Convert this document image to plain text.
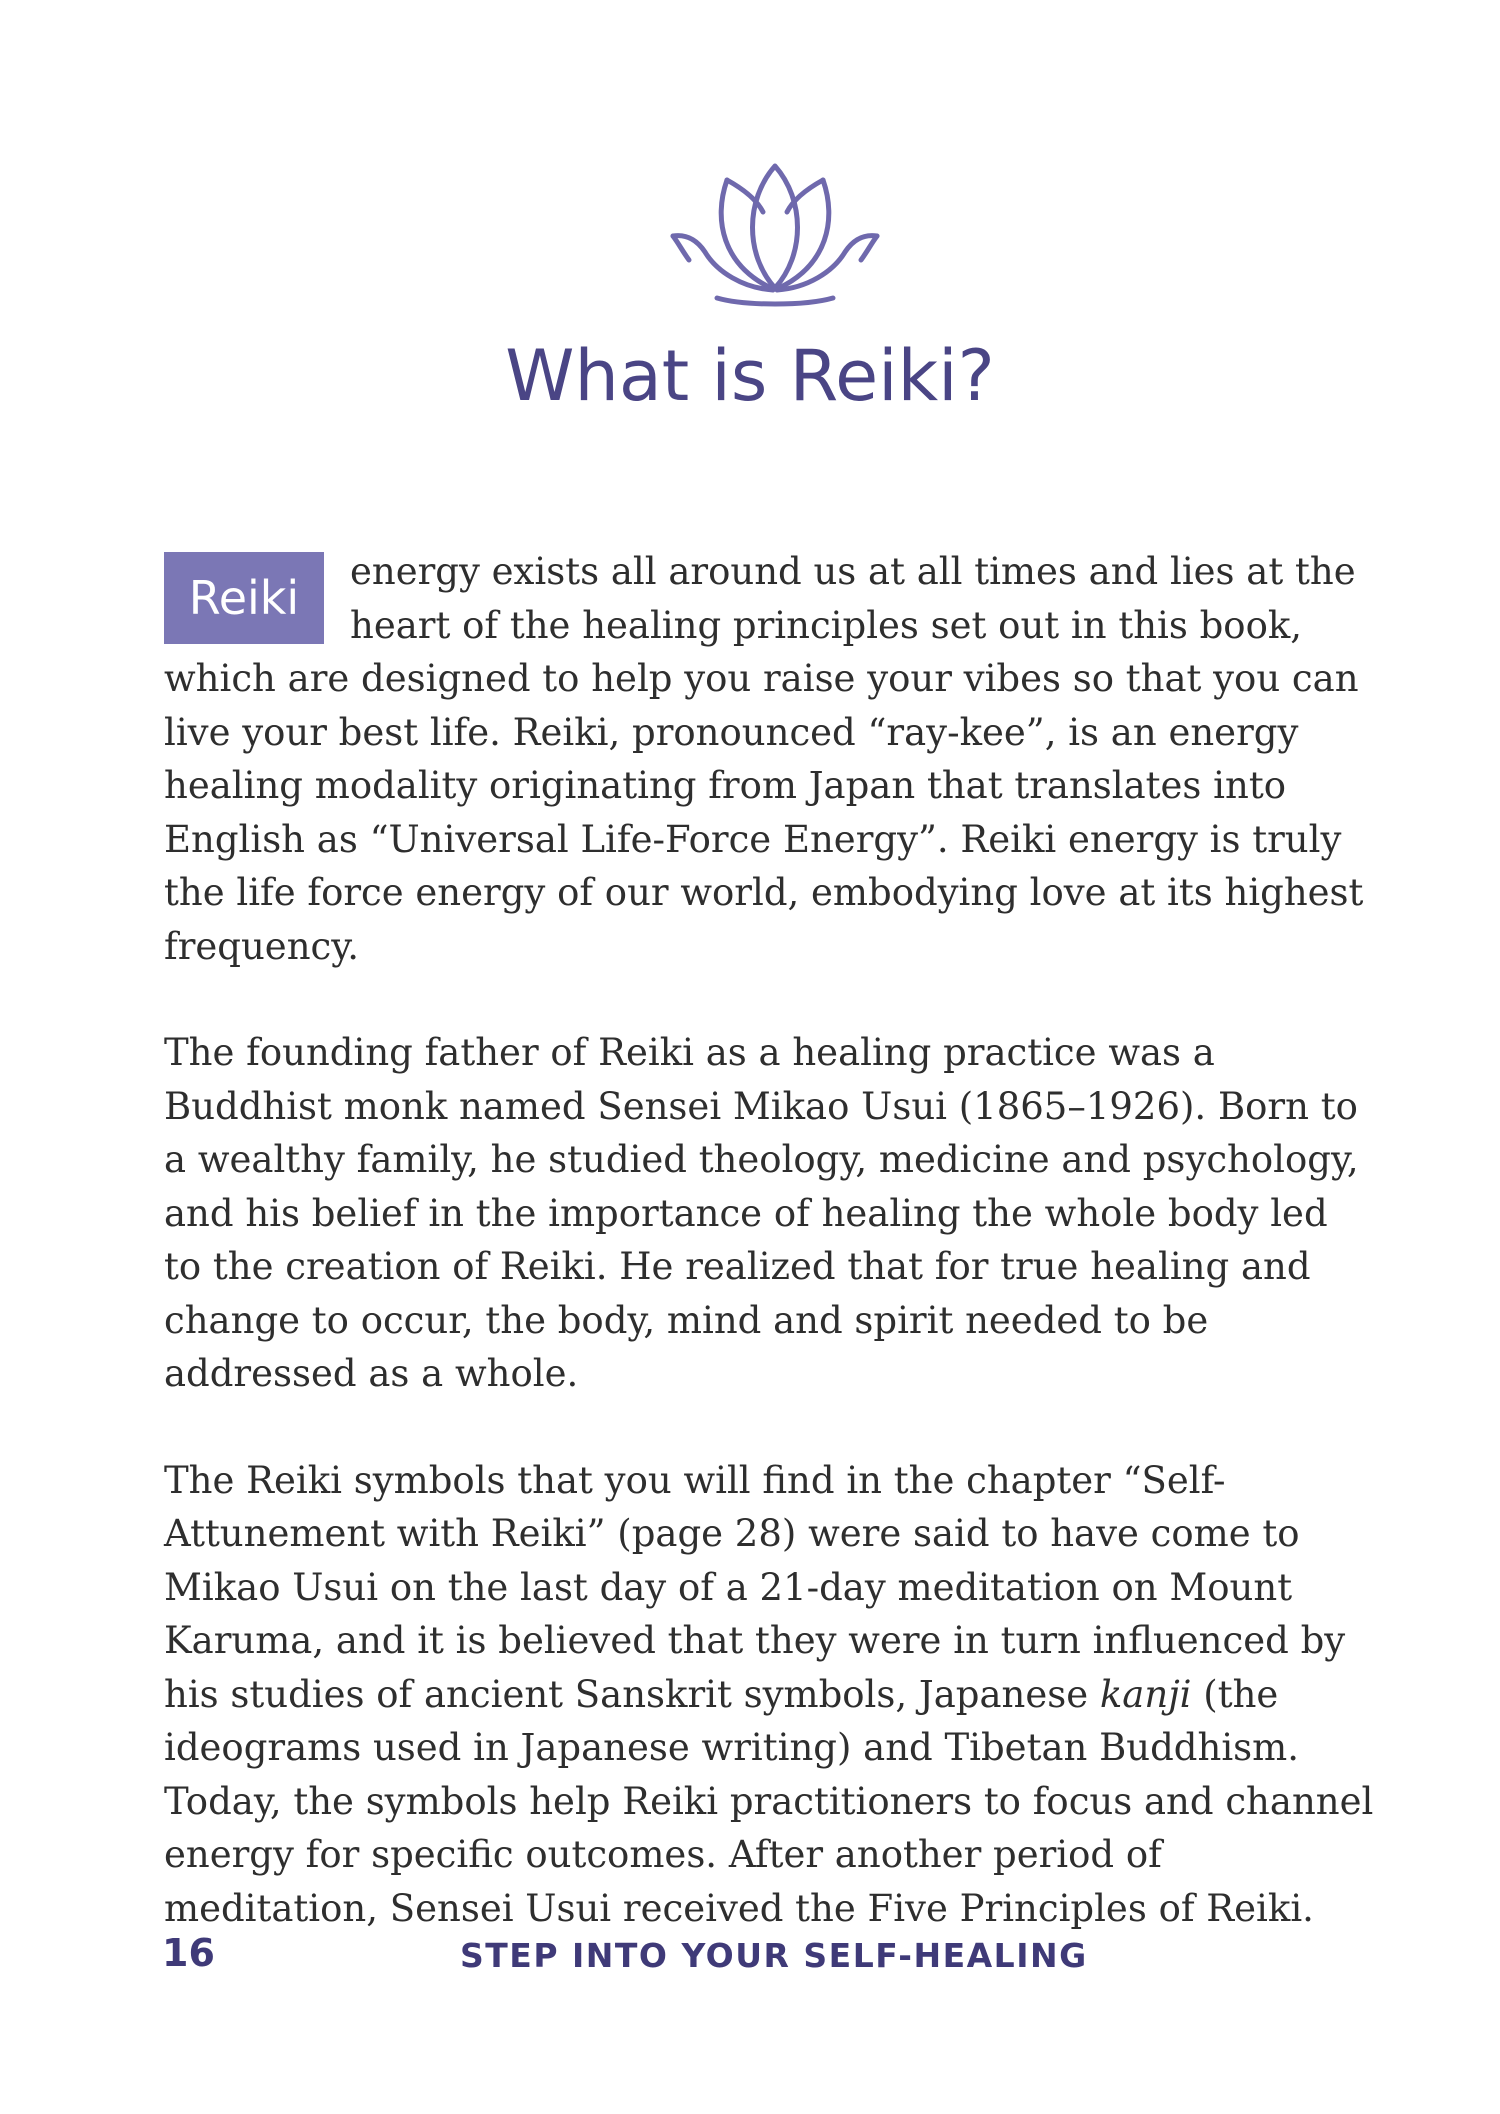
What is Reiki?

Reiki	energy exists all around us at all times and lies at the heart of the healing principles set out in this book, which are designed to help you raise your vibes so that you can live your best life. Reiki, pronounced “ray-kee”, is an energy healing modality originating from Japan that translates into English as “Universal Life-Force Energy”. Reiki energy is truly the life force energy of our world, embodying love at its highest frequency.

The founding father of Reiki as a healing practice was a Buddhist monk named Sensei Mikao Usui (1865–1926). Born to a wealthy family, he studied theology, medicine and psychology, and his belief in the importance of healing the whole body led to the creation of Reiki. He realized that for true healing and change to occur, the body, mind and spirit needed to be addressed as a whole.

The Reiki symbols that you will find in the chapter “Self-Attunement with Reiki” (page 28) were said to have come to Mikao Usui on the last day of a 21-day meditation on Mount Karuma, and it is believed that they were in turn influenced by his studies of ancient Sanskrit symbols, Japanese kanji (the ideograms used in Japanese writing) and Tibetan Buddhism. Today, the symbols help Reiki practitioners to focus and channel energy for specific outcomes. After another period of meditation, Sensei Usui received the Five Principles of Reiki.

16	STEP INTO YOUR SELF-HEALING
